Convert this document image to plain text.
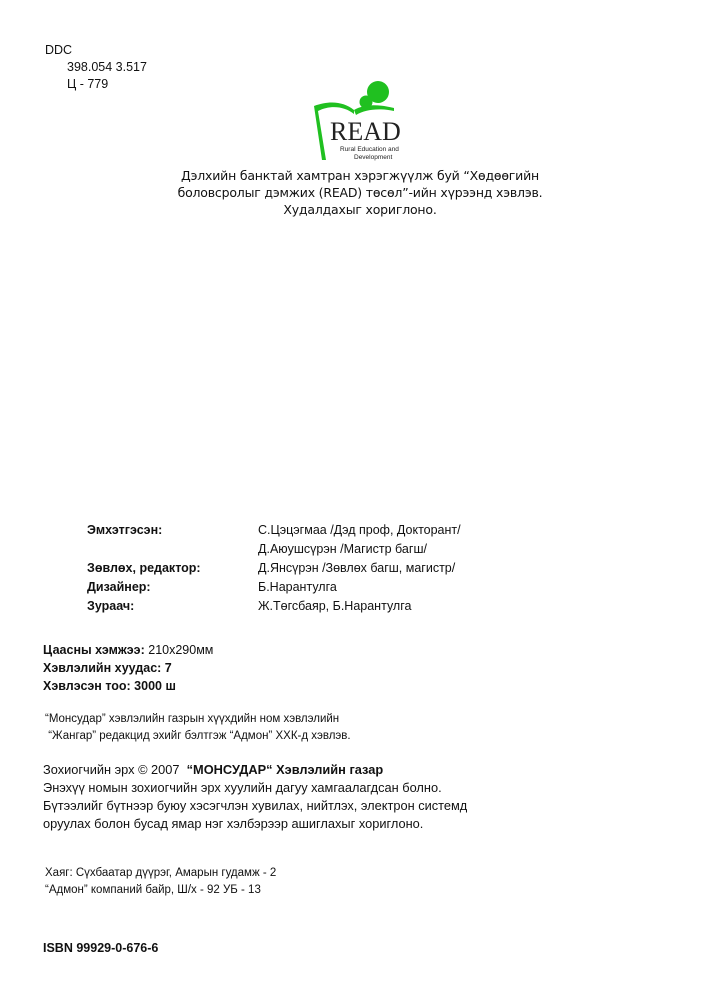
DDC
398.054 3.517
Ц - 779
READ
Rural Education and
Development
Дэлхийн банктай хамтран хэрэгжүүлж буй “Хөдөөгийн
боловсролыг дэмжих (READ) төсөл”-ийн хүрээнд хэвлэв.
Худалдахыг хориглоно.
Эмхэтгэсэн:	С.Цэцэгмаа /Дэд проф, Докторант/
Д.Аюушсүрэн /Магистр багш/
Зөвлөх, редактор:	Д.Янсүрэн /Зөвлөх багш, магистр/
Дизайнер:	Б.Нарантулга
Зураач:	Ж.Төгсбаяр, Б.Нарантулга
Цаасны хэмжээ: 210x290мм
Хэвлэлийн хуудас: 7
Хэвлэсэн тоо: 3000 ш
“Монсудар” хэвлэлийн газрын хүүхдийн ном хэвлэлийн
“Жангар” редакцид эхийг бэлтгэж “Адмон” ХХК-д хэвлэв.
Зохиогчийн эрх © 2007  “МОНСУДАР“ Хэвлэлийн газар
Энэхүү номын зохиогчийн эрх хуулийн дагуу хамгаалагдсан болно.
Бүтээлийг бүтнээр буюу хэсэгчлэн хувилах, нийтлэх, электрон системд
оруулах болон бусад ямар нэг хэлбэрээр ашиглахыг хориглоно.
Хаяг: Сүхбаатар дүүрэг, Амарын гудамж - 2
“Адмон” компаний байр, Ш/х - 92 УБ - 13
ISBN 99929-0-676-6
